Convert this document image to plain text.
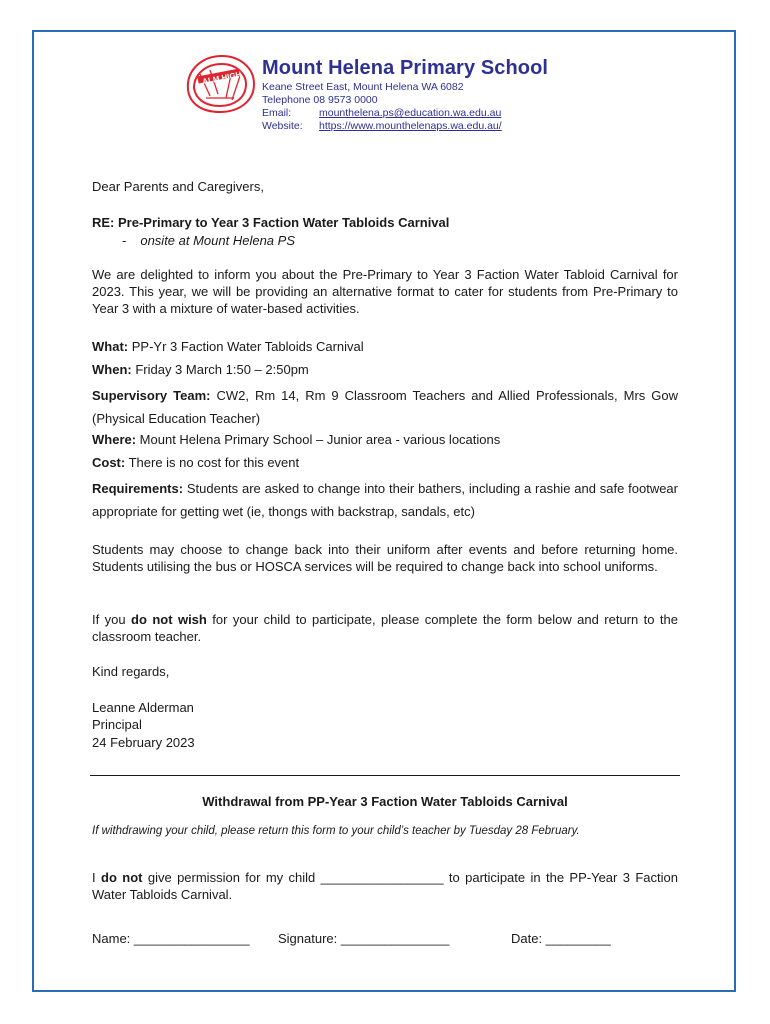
ALM HIGH Mount Helena Primary School
Keane Street East, Mount Helena WA 6082
Telephone 08 9573 0000
Email:	mounthelena.ps@education.wa.edu.au
Website: https://www.mounthelenaps.wa.edu.au/
Dear Parents and Caregivers,
RE: Pre-Primary to Year 3 Faction Water Tabloids Carnival
- onsite at Mount Helena PS
We are delighted to inform you about the Pre-Primary to Year 3 Faction Water Tabloid Carnival for 2023. This year, we will be providing an alternative format to cater for students from Pre-Primary to Year 3 with a mixture of water-based activities.
What: PP-Yr 3 Faction Water Tabloids Carnival
When: Friday 3 March 1:50 – 2:50pm
Supervisory Team: CW2, Rm 14, Rm 9 Classroom Teachers and Allied Professionals, Mrs Gow (Physical Education Teacher)
Where: Mount Helena Primary School – Junior area - various locations
Cost: There is no cost for this event
Requirements: Students are asked to change into their bathers, including a rashie and safe footwear appropriate for getting wet (ie, thongs with backstrap, sandals, etc)
Students may choose to change back into their uniform after events and before returning home. Students utilising the bus or HOSCA services will be required to change back into school uniforms.
If you do not wish for your child to participate, please complete the form below and return to the classroom teacher.
Kind regards,
Leanne Alderman
Principal
24 February 2023
Withdrawal from PP-Year 3 Faction Water Tabloids Carnival
If withdrawing your child, please return this form to your child’s teacher by Tuesday 28 February.
I do not give permission for my child _________________ to participate in the PP-Year 3 Faction Water Tabloids Carnival.
Name: ________________	Signature: _______________	Date: _________
